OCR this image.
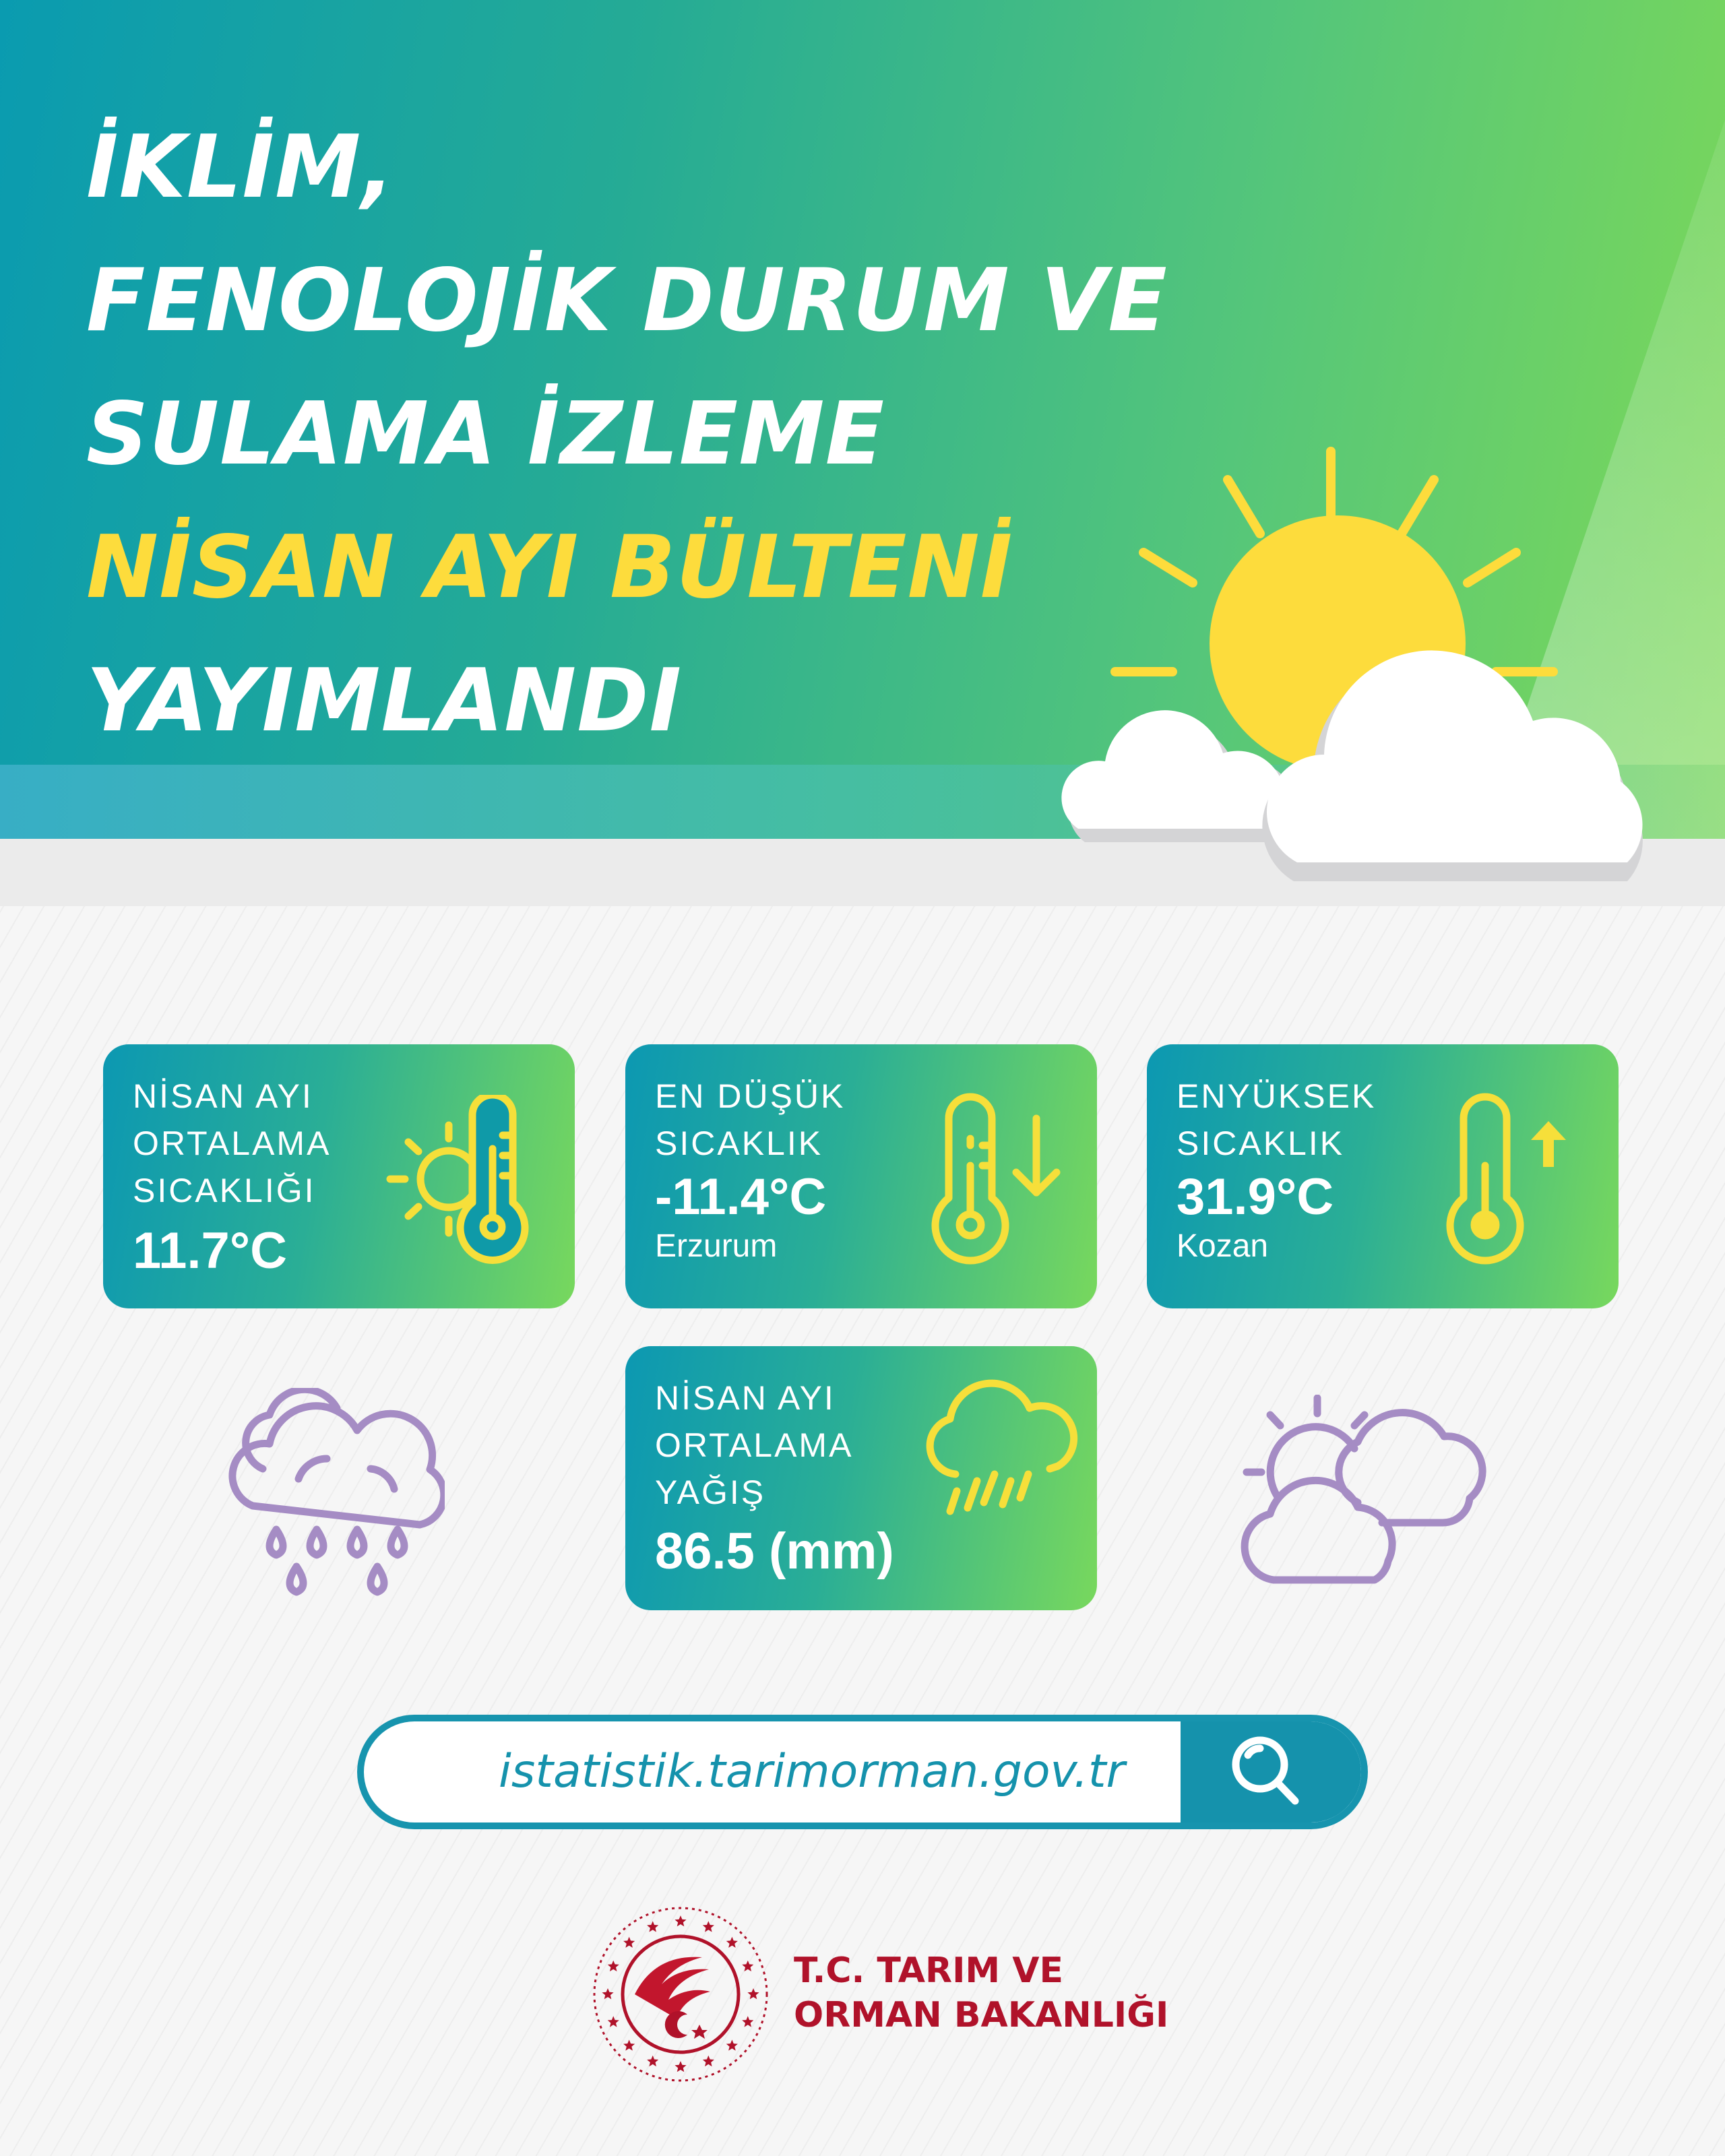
İKLİM,
FENOLOJİK DURUM VE
SULAMA İZLEME
NİSAN AYI BÜLTENİ
YAYIMLANDI
NİSAN AYI
ORTALAMA
SICAKLIĞI
11.7°C
EN DÜŞÜK
SICAKLIK
-11.4°C
Erzurum
ENYÜKSEK
SICAKLIK
31.9°C
Kozan
NİSAN AYI
ORTALAMA
YAĞIŞ
86.5 (mm)
istatistik.tarimorman.gov.tr
T.C. TARIM VE
ORMAN BAKANLIĞI
